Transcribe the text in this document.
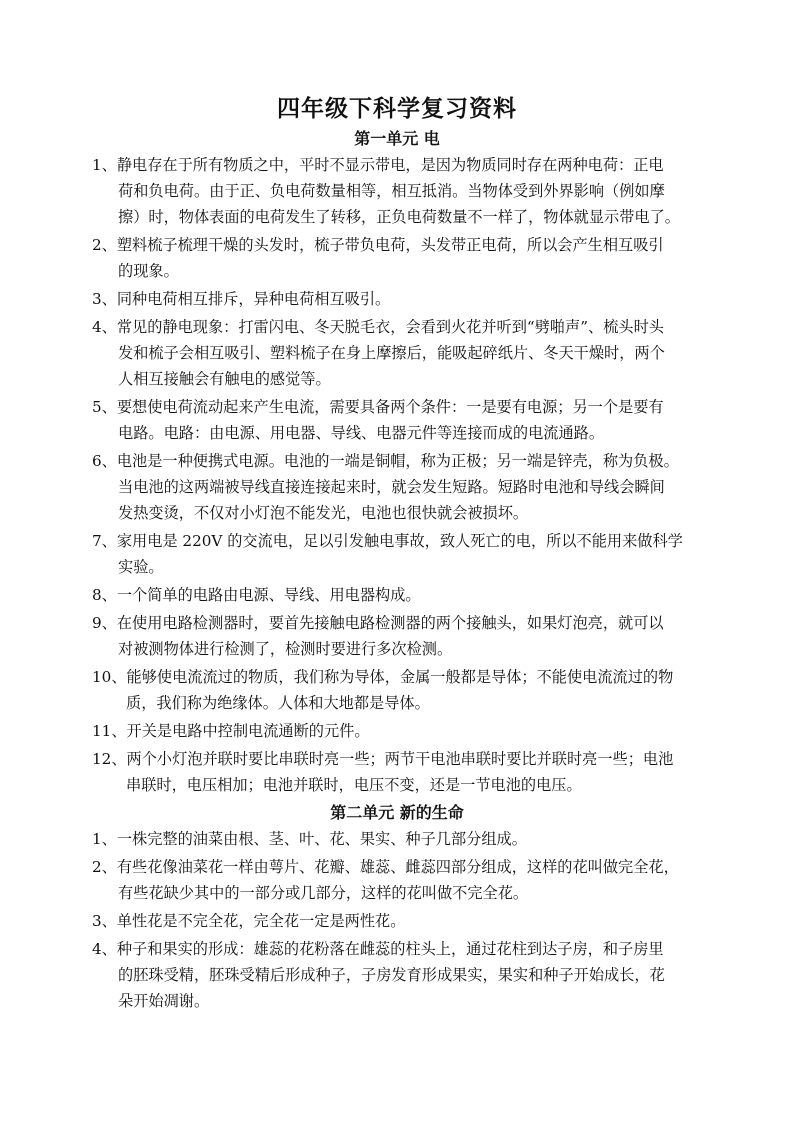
四年级下科学复习资料
第一单元 电
1、静电存在于所有物质之中，平时不显示带电，是因为物质同时存在两种电荷：正电
荷和负电荷。由于正、负电荷数量相等，相互抵消。当物体受到外界影响（例如摩
擦）时，物体表面的电荷发生了转移，正负电荷数量不一样了，物体就显示带电了。
2、塑料梳子梳理干燥的头发时，梳子带负电荷，头发带正电荷，所以会产生相互吸引
的现象。
3、同种电荷相互排斥，异种电荷相互吸引。
4、常见的静电现象：打雷闪电、冬天脱毛衣，会看到火花并听到“劈啪声”、梳头时头
发和梳子会相互吸引、塑料梳子在身上摩擦后，能吸起碎纸片、冬天干燥时，两个
人相互接触会有触电的感觉等。
5、要想使电荷流动起来产生电流，需要具备两个条件：一是要有电源；另一个是要有
电路。电路：由电源、用电器、导线、电器元件等连接而成的电流通路。
6、电池是一种便携式电源。电池的一端是铜帽，称为正极；另一端是锌壳，称为负极。
当电池的这两端被导线直接连接起来时，就会发生短路。短路时电池和导线会瞬间
发热变烫，不仅对小灯泡不能发光，电池也很快就会被损坏。
7、家用电是 220V 的交流电，足以引发触电事故，致人死亡的电，所以不能用来做科学
实验。
8、一个简单的电路由电源、导线、用电器构成。
9、在使用电路检测器时，要首先接触电路检测器的两个接触头，如果灯泡亮，就可以
对被测物体进行检测了，检测时要进行多次检测。
10、能够使电流流过的物质，我们称为导体，金属一般都是导体；不能使电流流过的物
质，我们称为绝缘体。人体和大地都是导体。
11、开关是电路中控制电流通断的元件。
12、两个小灯泡并联时要比串联时亮一些；两节干电池串联时要比并联时亮一些；电池
串联时，电压相加；电池并联时，电压不变，还是一节电池的电压。
第二单元 新的生命
1、一株完整的油菜由根、茎、叶、花、果实、种子几部分组成。
2、有些花像油菜花一样由萼片、花瓣、雄蕊、雌蕊四部分组成，这样的花叫做完全花，
有些花缺少其中的一部分或几部分，这样的花叫做不完全花。
3、单性花是不完全花，完全花一定是两性花。
4、种子和果实的形成：雄蕊的花粉落在雌蕊的柱头上，通过花柱到达子房，和子房里
的胚珠受精，胚珠受精后形成种子，子房发育形成果实，果实和种子开始成长，花
朵开始凋谢。
